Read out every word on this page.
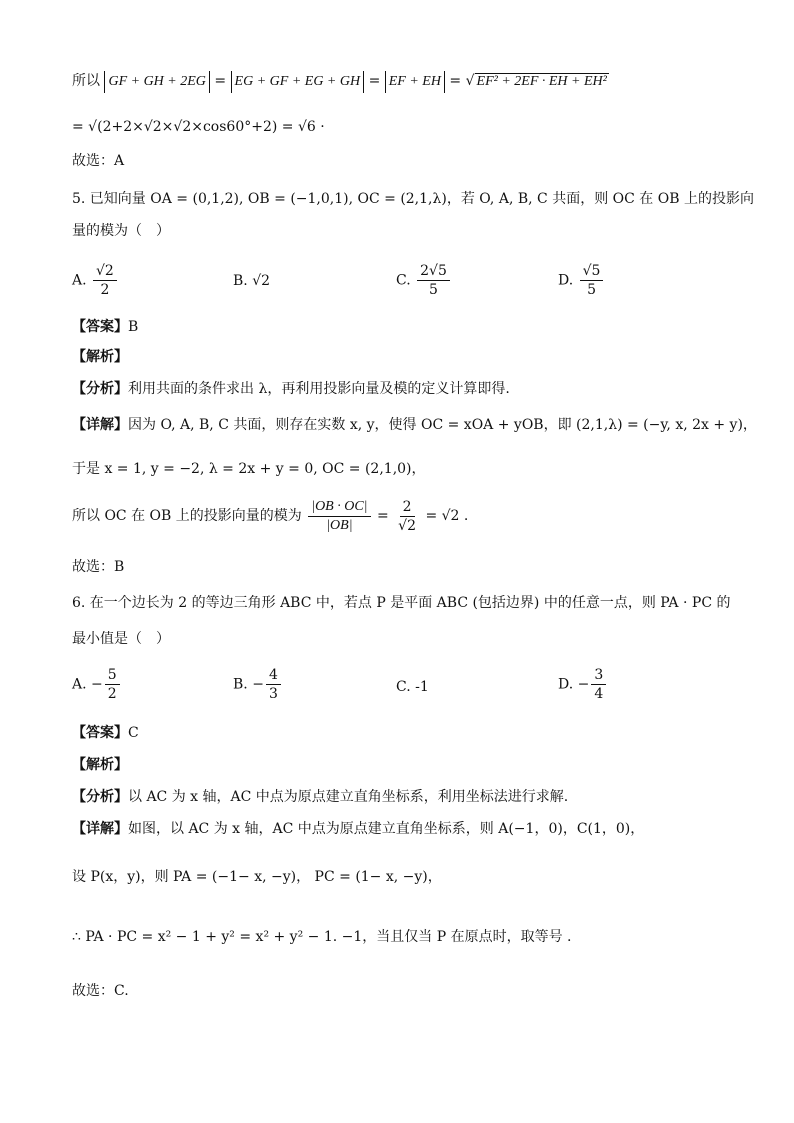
所以 GF + GH + 2EG = EG + GF + EG + GH = EF + EH = √ EF² + 2EF · EH + EH²
= √(2+2×√2×√2×cos60°+2) = √6 ·
故选：A
5. 已知向量 OA = (0,1,2), OB = (−1,0,1), OC = (2,1,λ)，若 O, A, B, C 共面，则 OC 在 OB 上的投影向
量的模为（　）
A. $\frac{√2}{2}$	B. √2	C. $\frac{2√5}{5}$	D. $\frac{√5}{5}$
【答案】B
【解析】
【分析】利用共面的条件求出 λ，再利用投影向量及模的定义计算即得.
【详解】因为 O, A, B, C 共面，则存在实数 x, y，使得 OC = xOA + yOB，即 (2,1,λ) = (−y, x, 2x + y)，
于是 x = 1, y = −2, λ = 2x + y = 0, OC = (2,1,0)，
所以 OC 在 OB 上的投影向量的模为 $\frac{|OB \cdot OC|}{|OB|} = \frac{2}{√2} = √2$ .
故选：B
6. 在一个边长为 2 的等边三角形 ABC 中，若点 P 是平面 ABC (包括边界) 中的任意一点，则 PA · PC 的
最小值是（　）
A. − $\frac{5}{2}$	B. − $\frac{4}{3}$	C. -1	D. − $\frac{3}{4}$
【答案】C
【解析】
【分析】以 AC 为 x 轴，AC 中点为原点建立直角坐标系，利用坐标法进行求解.
【详解】如图，以 AC 为 x 轴，AC 中点为原点建立直角坐标系，则 A(−1，0)，C(1，0)，
设 P(x，y)，则 PA = (−1− x, −y)， PC = (1− x, −y)，
∴ PA · PC = x² − 1 + y² = x² + y² − 1. −1，当且仅当 P 在原点时，取等号 .
故选：C.
